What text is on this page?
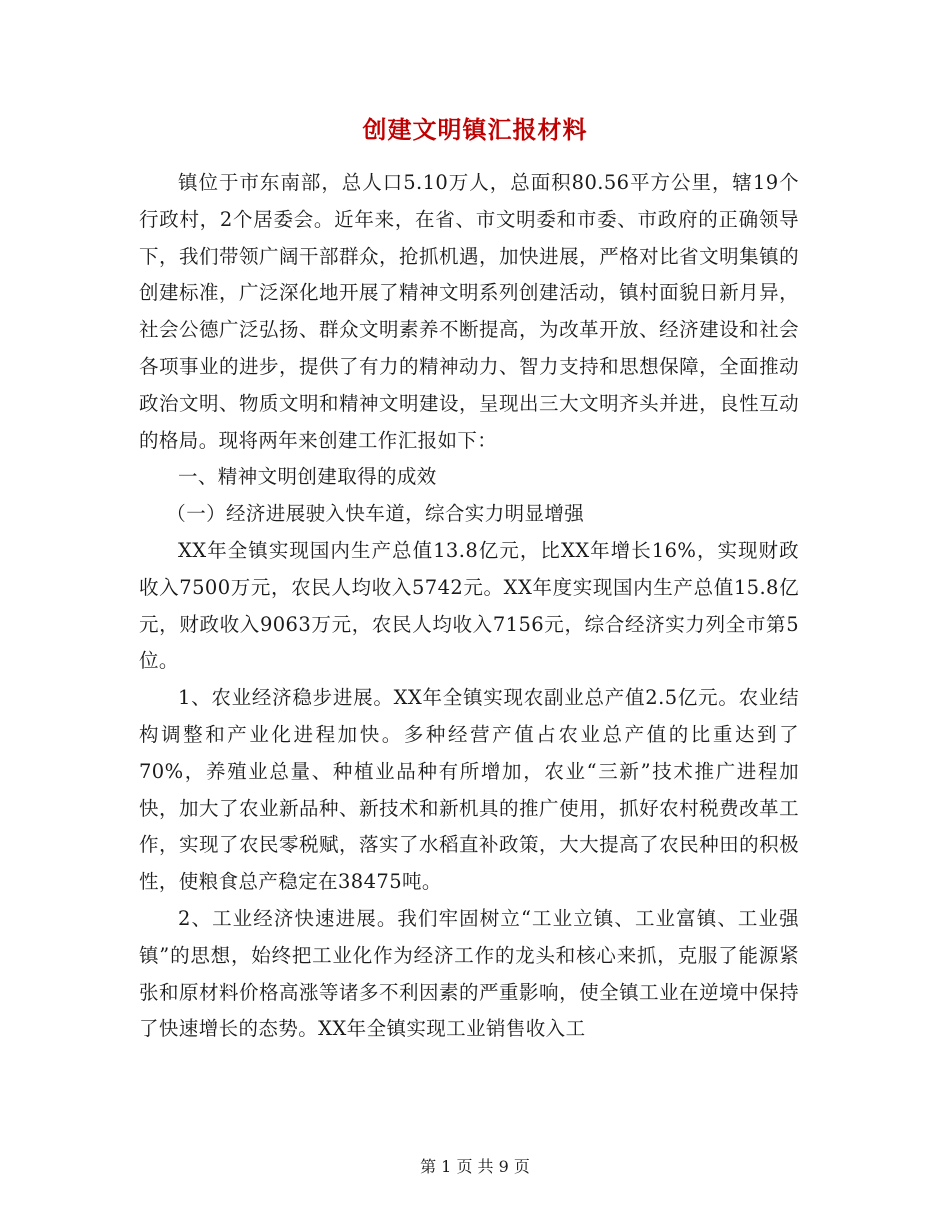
创建文明镇汇报材料

镇位于市东南部，总人口5.10万人，总面积80.56平方公里，辖19个行政村，2个居委会。近年来，在省、市文明委和市委、市政府的正确领导下，我们带领广阔干部群众，抢抓机遇，加快进展，严格对比省文明集镇的创建标准，广泛深化地开展了精神文明系列创建活动，镇村面貌日新月异，社会公德广泛弘扬、群众文明素养不断提高，为改革开放、经济建设和社会各项事业的进步，提供了有力的精神动力、智力支持和思想保障，全面推动政治文明、物质文明和精神文明建设，呈现出三大文明齐头并进，良性互动的格局。现将两年来创建工作汇报如下：

一、精神文明创建取得的成效

（一）经济进展驶入快车道，综合实力明显增强

XX年全镇实现国内生产总值13.8亿元，比XX年增长16%，实现财政收入7500万元，农民人均收入5742元。XX年度实现国内生产总值15.8亿元，财政收入9063万元，农民人均收入7156元，综合经济实力列全市第5位。

1、农业经济稳步进展。XX年全镇实现农副业总产值2.5亿元。农业结构调整和产业化进程加快。多种经营产值占农业总产值的比重达到了70%，养殖业总量、种植业品种有所增加，农业“三新”技术推广进程加快，加大了农业新品种、新技术和新机具的推广使用，抓好农村税费改革工作，实现了农民零税赋，落实了水稻直补政策，大大提高了农民种田的积极性，使粮食总产稳定在38475吨。

2、工业经济快速进展。我们牢固树立“工业立镇、工业富镇、工业强镇”的思想，始终把工业化作为经济工作的龙头和核心来抓，克服了能源紧张和原材料价格高涨等诸多不利因素的严重影响，使全镇工业在逆境中保持了快速增长的态势。XX年全镇实现工业销售收入工

第 1 页 共 9 页
